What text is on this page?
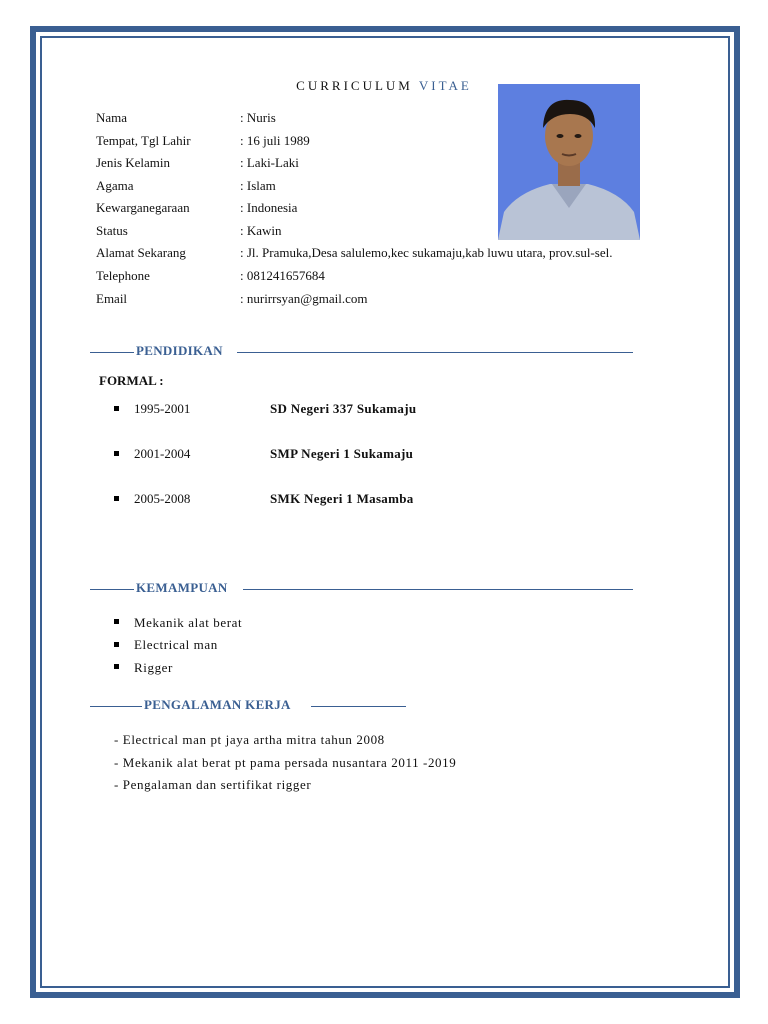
CURRICULUM VITAE
Nama	: Nuris
Tempat, Tgl Lahir	: 16 juli 1989
Jenis Kelamin	: Laki-Laki
Agama	: Islam
Kewarganegaraan	: Indonesia
Status	: Kawin
Alamat Sekarang	: Jl. Pramuka,Desa salulemo,kec sukamaju,kab luwu utara, prov.sul-sel.
Telephone	: 081241657684
Email	: nurirrsyan@gmail.com
PENDIDIKAN
FORMAL :
1995-2001	SD Negeri 337 Sukamaju
2001-2004	SMP Negeri 1 Sukamaju
2005-2008	SMK Negeri 1 Masamba
KEMAMPUAN
Mekanik alat berat
Electrical man
Rigger
PENGALAMAN KERJA
- Electrical man pt jaya artha mitra tahun 2008
- Mekanik alat berat pt pama persada nusantara 2011 -2019
- Pengalaman dan sertifikat rigger
